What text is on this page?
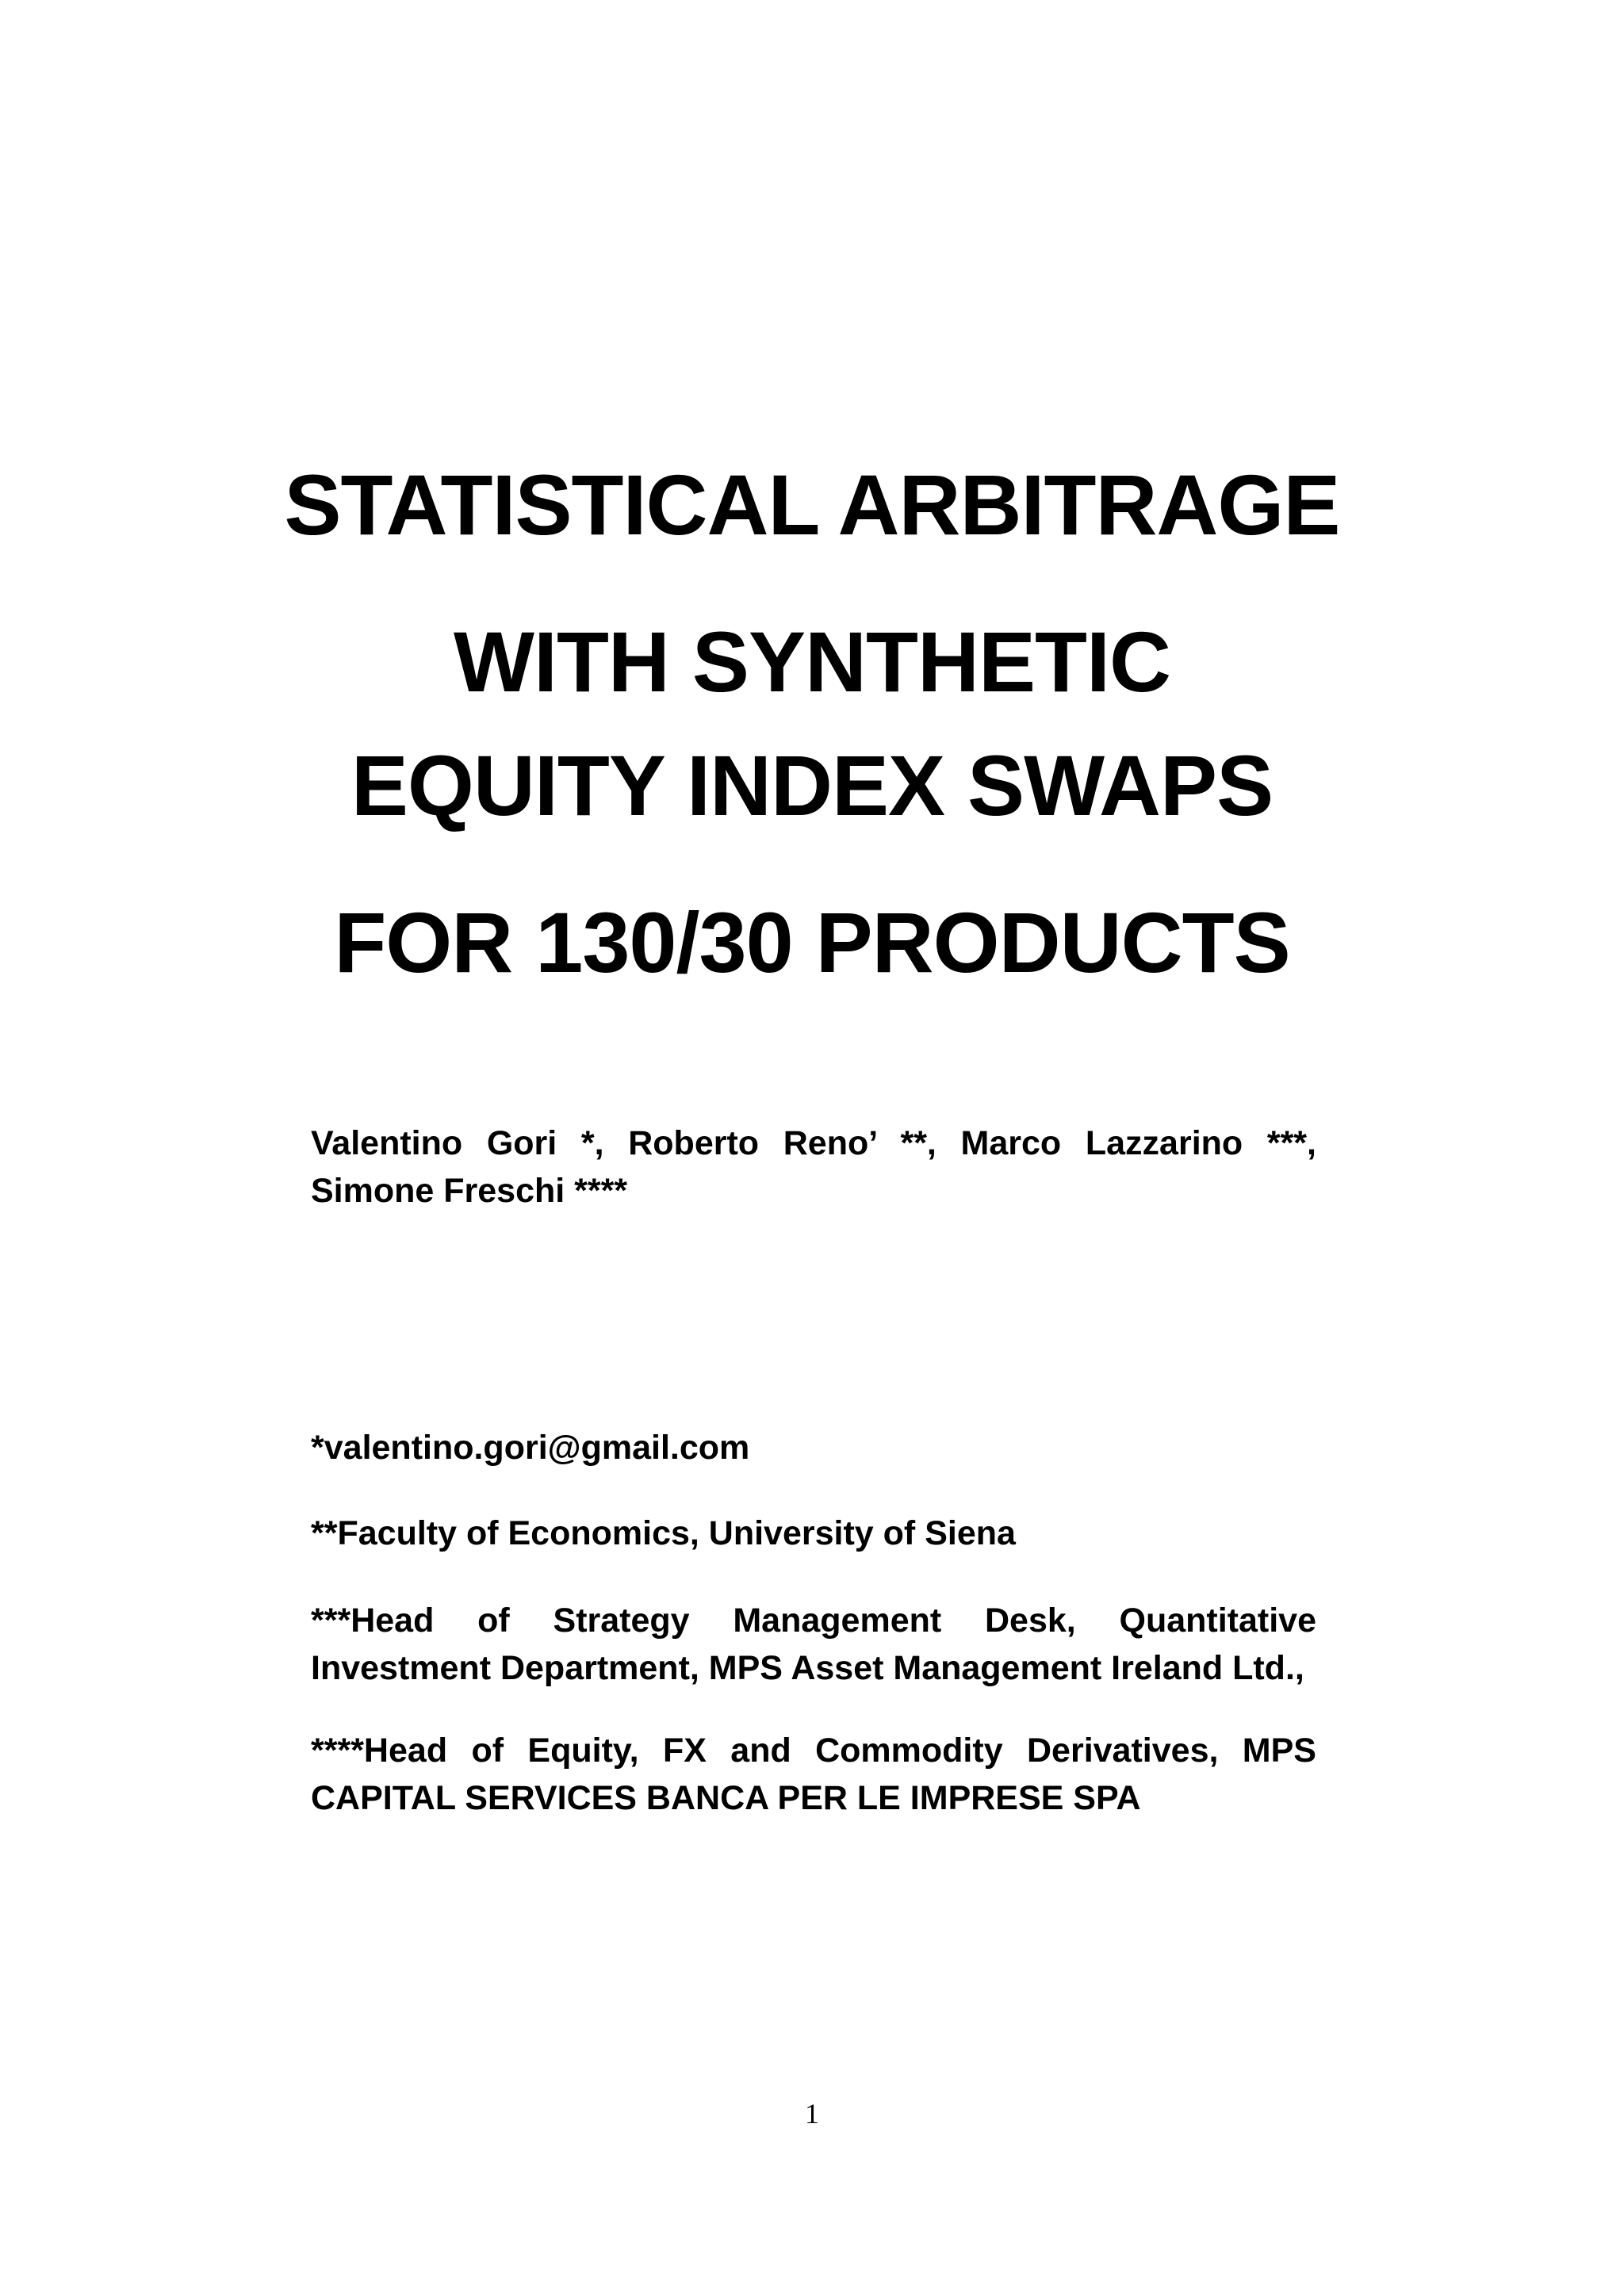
STATISTICAL ARBITRAGE
WITH SYNTHETIC
EQUITY INDEX SWAPS
FOR 130/30 PRODUCTS
Valentino Gori *, Roberto Reno’ **, Marco Lazzarino ***, Simone Freschi ****
*valentino.gori@gmail.com
**Faculty of Economics, University of Siena
***Head of Strategy Management Desk, Quantitative Investment Department, MPS Asset Management Ireland Ltd.,
****Head of Equity, FX and Commodity Derivatives, MPS CAPITAL SERVICES BANCA PER LE IMPRESE SPA
1
